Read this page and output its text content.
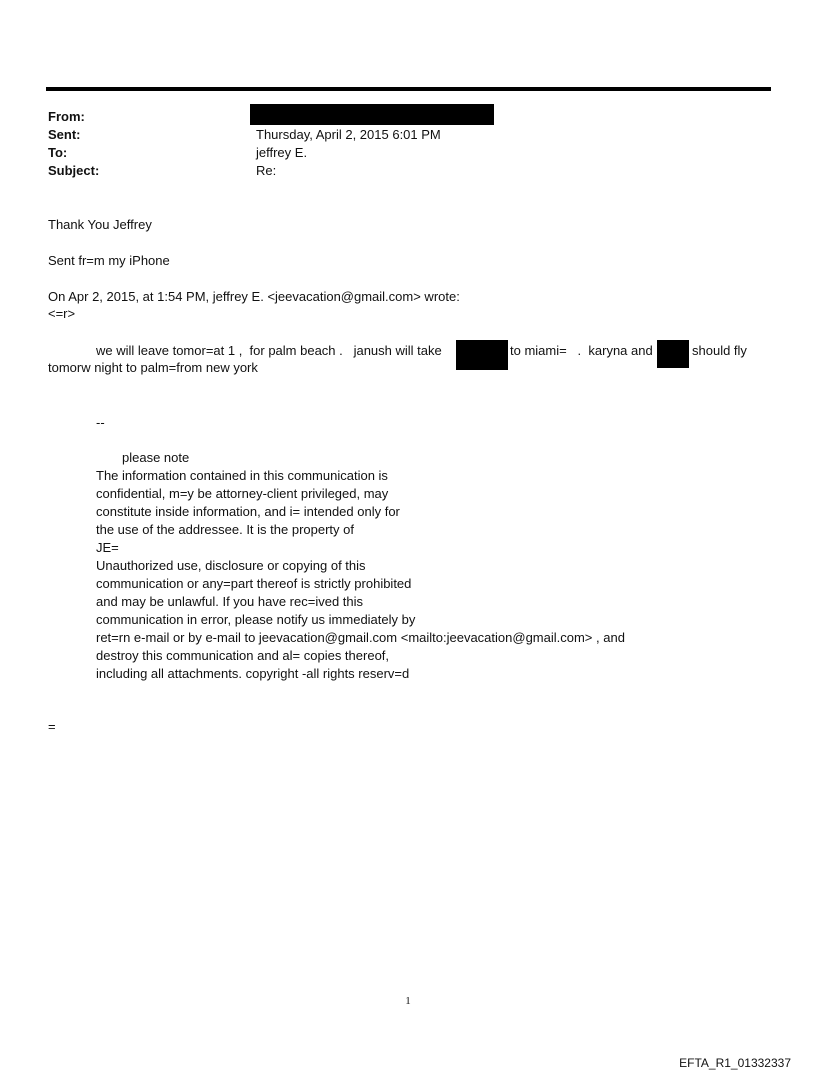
From:
Sent:	Thursday, April 2, 2015 6:01 PM
To:	jeffrey E.
Subject:	Re:
Thank You Jeffrey
Sent fr=m my iPhone
On Apr 2, 2015, at 1:54 PM, jeffrey E. <jeevacation@gmail.com> wrote:
<=r>
we will leave tomor=at 1 ,  for palm beach .   janush will take	to miami=   .  karyna and	should fly
tomorw night to palm=from new york
--
please note
The information contained in this communication is
confidential, m=y be attorney-client privileged, may
constitute inside information, and i= intended only for
the use of the addressee. It is the property of
JE=
Unauthorized use, disclosure or copying of this
communication or any=part thereof is strictly prohibited
and may be unlawful. If you have rec=ived this
communication in error, please notify us immediately by
ret=rn e-mail or by e-mail to jeevacation@gmail.com <mailto:jeevacation@gmail.com> , and
destroy this communication and al= copies thereof,
including all attachments. copyright -all rights reserv=d
=
1
EFTA_R1_01332337
